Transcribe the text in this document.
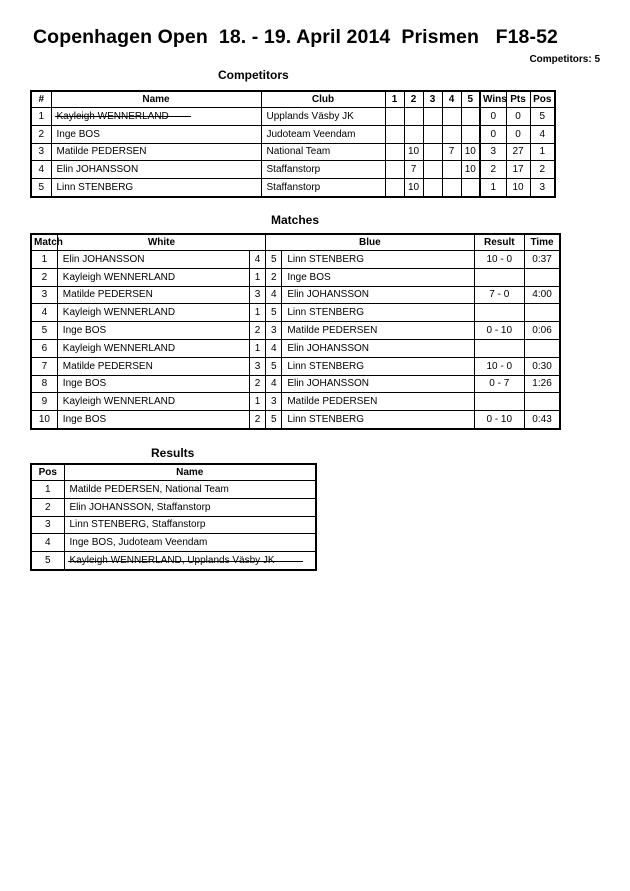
Copenhagen Open  18. - 19. April 2014  Prismen   F18-52
Competitors: 5
Competitors
#	Name	Club	1	2	3	4	5	Wins	Pts	Pos
1	Kayleigh WENNERLAND	Upplands Väsby JK						0	0	5
2	Inge BOS	Judoteam Veendam						0	0	4
3	Matilde PEDERSEN	National Team		10		7	10	3	27	1
4	Elin JOHANSSON	Staffanstorp		7			10	2	17	2
5	Linn STENBERG	Staffanstorp		10				1	10	3
Matches
Match	White		Blue		Result	Time
1	Elin JOHANSSON	4	5	Linn STENBERG	10 - 0	0:37
2	Kayleigh WENNERLAND	1	2	Inge BOS		
3	Matilde PEDERSEN	3	4	Elin JOHANSSON	7 - 0	4:00
4	Kayleigh WENNERLAND	1	5	Linn STENBERG		
5	Inge BOS	2	3	Matilde PEDERSEN	0 - 10	0:06
6	Kayleigh WENNERLAND	1	4	Elin JOHANSSON		
7	Matilde PEDERSEN	3	5	Linn STENBERG	10 - 0	0:30
8	Inge BOS	2	4	Elin JOHANSSON	0 - 7	1:26
9	Kayleigh WENNERLAND	1	3	Matilde PEDERSEN		
10	Inge BOS	2	5	Linn STENBERG	0 - 10	0:43
Results
Pos	Name
1	Matilde PEDERSEN, National Team
2	Elin JOHANSSON, Staffanstorp
3	Linn STENBERG, Staffanstorp
4	Inge BOS, Judoteam Veendam
5	Kayleigh WENNERLAND, Upplands Väsby JK
